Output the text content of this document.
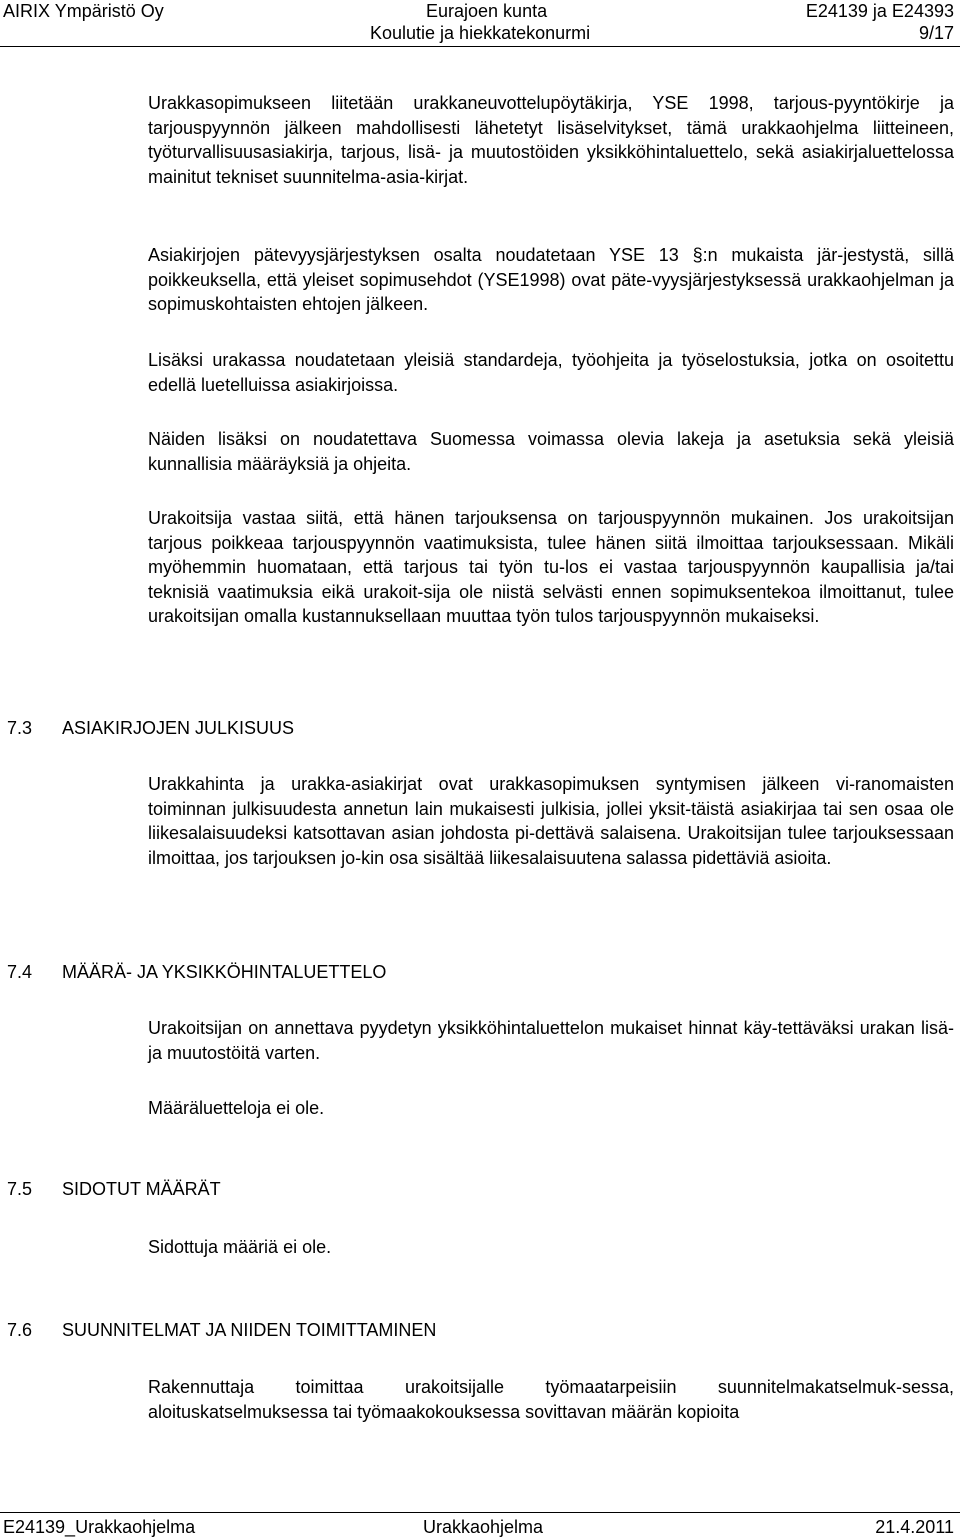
AIRIX Ympäristö Oy	Eurajoen kunta	E24139 ja E24393
Koulutie ja hiekkatekonurmi	9/17

Urakkasopimukseen liitetään urakkaneuvottelupöytäkirja, YSE 1998, tarjous-pyyntökirje ja tarjouspyynnön jälkeen mahdollisesti lähetetyt lisäselvitykset, tämä urakkaohjelma liitteineen, työturvallisuusasiakirja, tarjous, lisä- ja muutostöiden yksikköhintaluettelo, sekä asiakirjaluettelossa mainitut tekniset suunnitelma-asia-kirjat.

Asiakirjojen pätevyysjärjestyksen osalta noudatetaan YSE 13 §:n mukaista jär-jestystä, sillä poikkeuksella, että yleiset sopimusehdot (YSE1998) ovat päte-vyysjärjestyksessä urakkaohjelman ja sopimuskohtaisten ehtojen jälkeen.

Lisäksi urakassa noudatetaan yleisiä standardeja, työohjeita ja työselostuksia, jotka on osoitettu edellä luetelluissa asiakirjoissa.

Näiden lisäksi on noudatettava Suomessa voimassa olevia lakeja ja asetuksia sekä yleisiä kunnallisia määräyksiä ja ohjeita.

Urakoitsija vastaa siitä, että hänen tarjouksensa on tarjouspyynnön mukainen. Jos urakoitsijan tarjous poikkeaa tarjouspyynnön vaatimuksista, tulee hänen siitä ilmoittaa tarjouksessaan. Mikäli myöhemmin huomataan, että tarjous tai työn tu-los ei vastaa tarjouspyynnön kaupallisia ja/tai teknisiä vaatimuksia eikä urakoit-sija ole niistä selvästi ennen sopimuksentekoa ilmoittanut, tulee urakoitsijan omalla kustannuksellaan muuttaa työn tulos tarjouspyynnön mukaiseksi.

7.3 ASIAKIRJOJEN JULKISUUS

Urakkahinta ja urakka-asiakirjat ovat urakkasopimuksen syntymisen jälkeen vi-ranomaisten toiminnan julkisuudesta annetun lain mukaisesti julkisia, jollei yksit-täistä asiakirjaa tai sen osaa ole liikesalaisuudeksi katsottavan asian johdosta pi-dettävä salaisena. Urakoitsijan tulee tarjouksessaan ilmoittaa, jos tarjouksen jo-kin osa sisältää liikesalaisuutena salassa pidettäviä asioita.

7.4 MÄÄRÄ- JA YKSIKKÖHINTALUETTELO

Urakoitsijan on annettava pyydetyn yksikköhintaluettelon mukaiset hinnat käy-tettäväksi urakan lisä- ja muutostöitä varten.

Määräluetteloja ei ole.

7.5 SIDOTUT MÄÄRÄT

Sidottuja määriä ei ole.

7.6 SUUNNITELMAT JA NIIDEN TOIMITTAMINEN

Rakennuttaja toimittaa urakoitsijalle työmaatarpeisiin suunnitelmakatselmuk-sessa, aloituskatselmuksessa tai työmaakokouksessa sovittavan määrän kopioita

E24139_Urakkaohjelma	Urakkaohjelma	21.4.2011
